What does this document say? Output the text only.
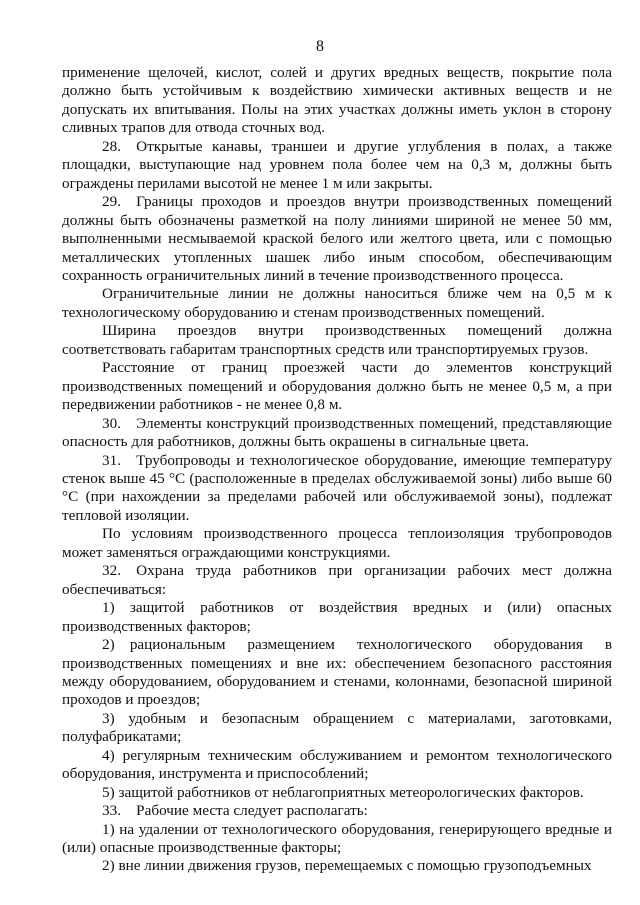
8

применение щелочей, кислот, солей и других вредных веществ, покрытие пола должно быть устойчивым к воздействию химически активных веществ и не допускать их впитывания. Полы на этих участках должны иметь уклон в сторону сливных трапов для отвода сточных вод.

28. Открытые канавы, траншеи и другие углубления в полах, а также площадки, выступающие над уровнем пола более чем на 0,3 м, должны быть ограждены перилами высотой не менее 1 м или закрыты.

29. Границы проходов и проездов внутри производственных помещений должны быть обозначены разметкой на полу линиями шириной не менее 50 мм, выполненными несмываемой краской белого или желтого цвета, или с помощью металлических утопленных шашек либо иным способом, обеспечивающим сохранность ограничительных линий в течение производственного процесса.

Ограничительные линии не должны наноситься ближе чем на 0,5 м к технологическому оборудованию и стенам производственных помещений.

Ширина проездов внутри производственных помещений должна соответствовать габаритам транспортных средств или транспортируемых грузов.

Расстояние от границ проезжей части до элементов конструкций производственных помещений и оборудования должно быть не менее 0,5 м, а при передвижении работников - не менее 0,8 м.

30. Элементы конструкций производственных помещений, представляющие опасность для работников, должны быть окрашены в сигнальные цвета.

31. Трубопроводы и технологическое оборудование, имеющие температуру стенок выше 45 °С (расположенные в пределах обслуживаемой зоны) либо выше 60 °С (при нахождении за пределами рабочей или обслуживаемой зоны), подлежат тепловой изоляции.

По условиям производственного процесса теплоизоляция трубопроводов может заменяться ограждающими конструкциями.

32. Охрана труда работников при организации рабочих мест должна обеспечиваться:

1) защитой работников от воздействия вредных и (или) опасных производственных факторов;

2) рациональным размещением технологического оборудования в производственных помещениях и вне их: обеспечением безопасного расстояния между оборудованием, оборудованием и стенами, колоннами, безопасной шириной проходов и проездов;

3) удобным и безопасным обращением с материалами, заготовками, полуфабрикатами;

4) регулярным техническим обслуживанием и ремонтом технологического оборудования, инструмента и приспособлений;

5) защитой работников от неблагоприятных метеорологических факторов.

33. Рабочие места следует располагать:

1) на удалении от технологического оборудования, генерирующего вредные и (или) опасные производственные факторы;

2) вне линии движения грузов, перемещаемых с помощью грузоподъемных
